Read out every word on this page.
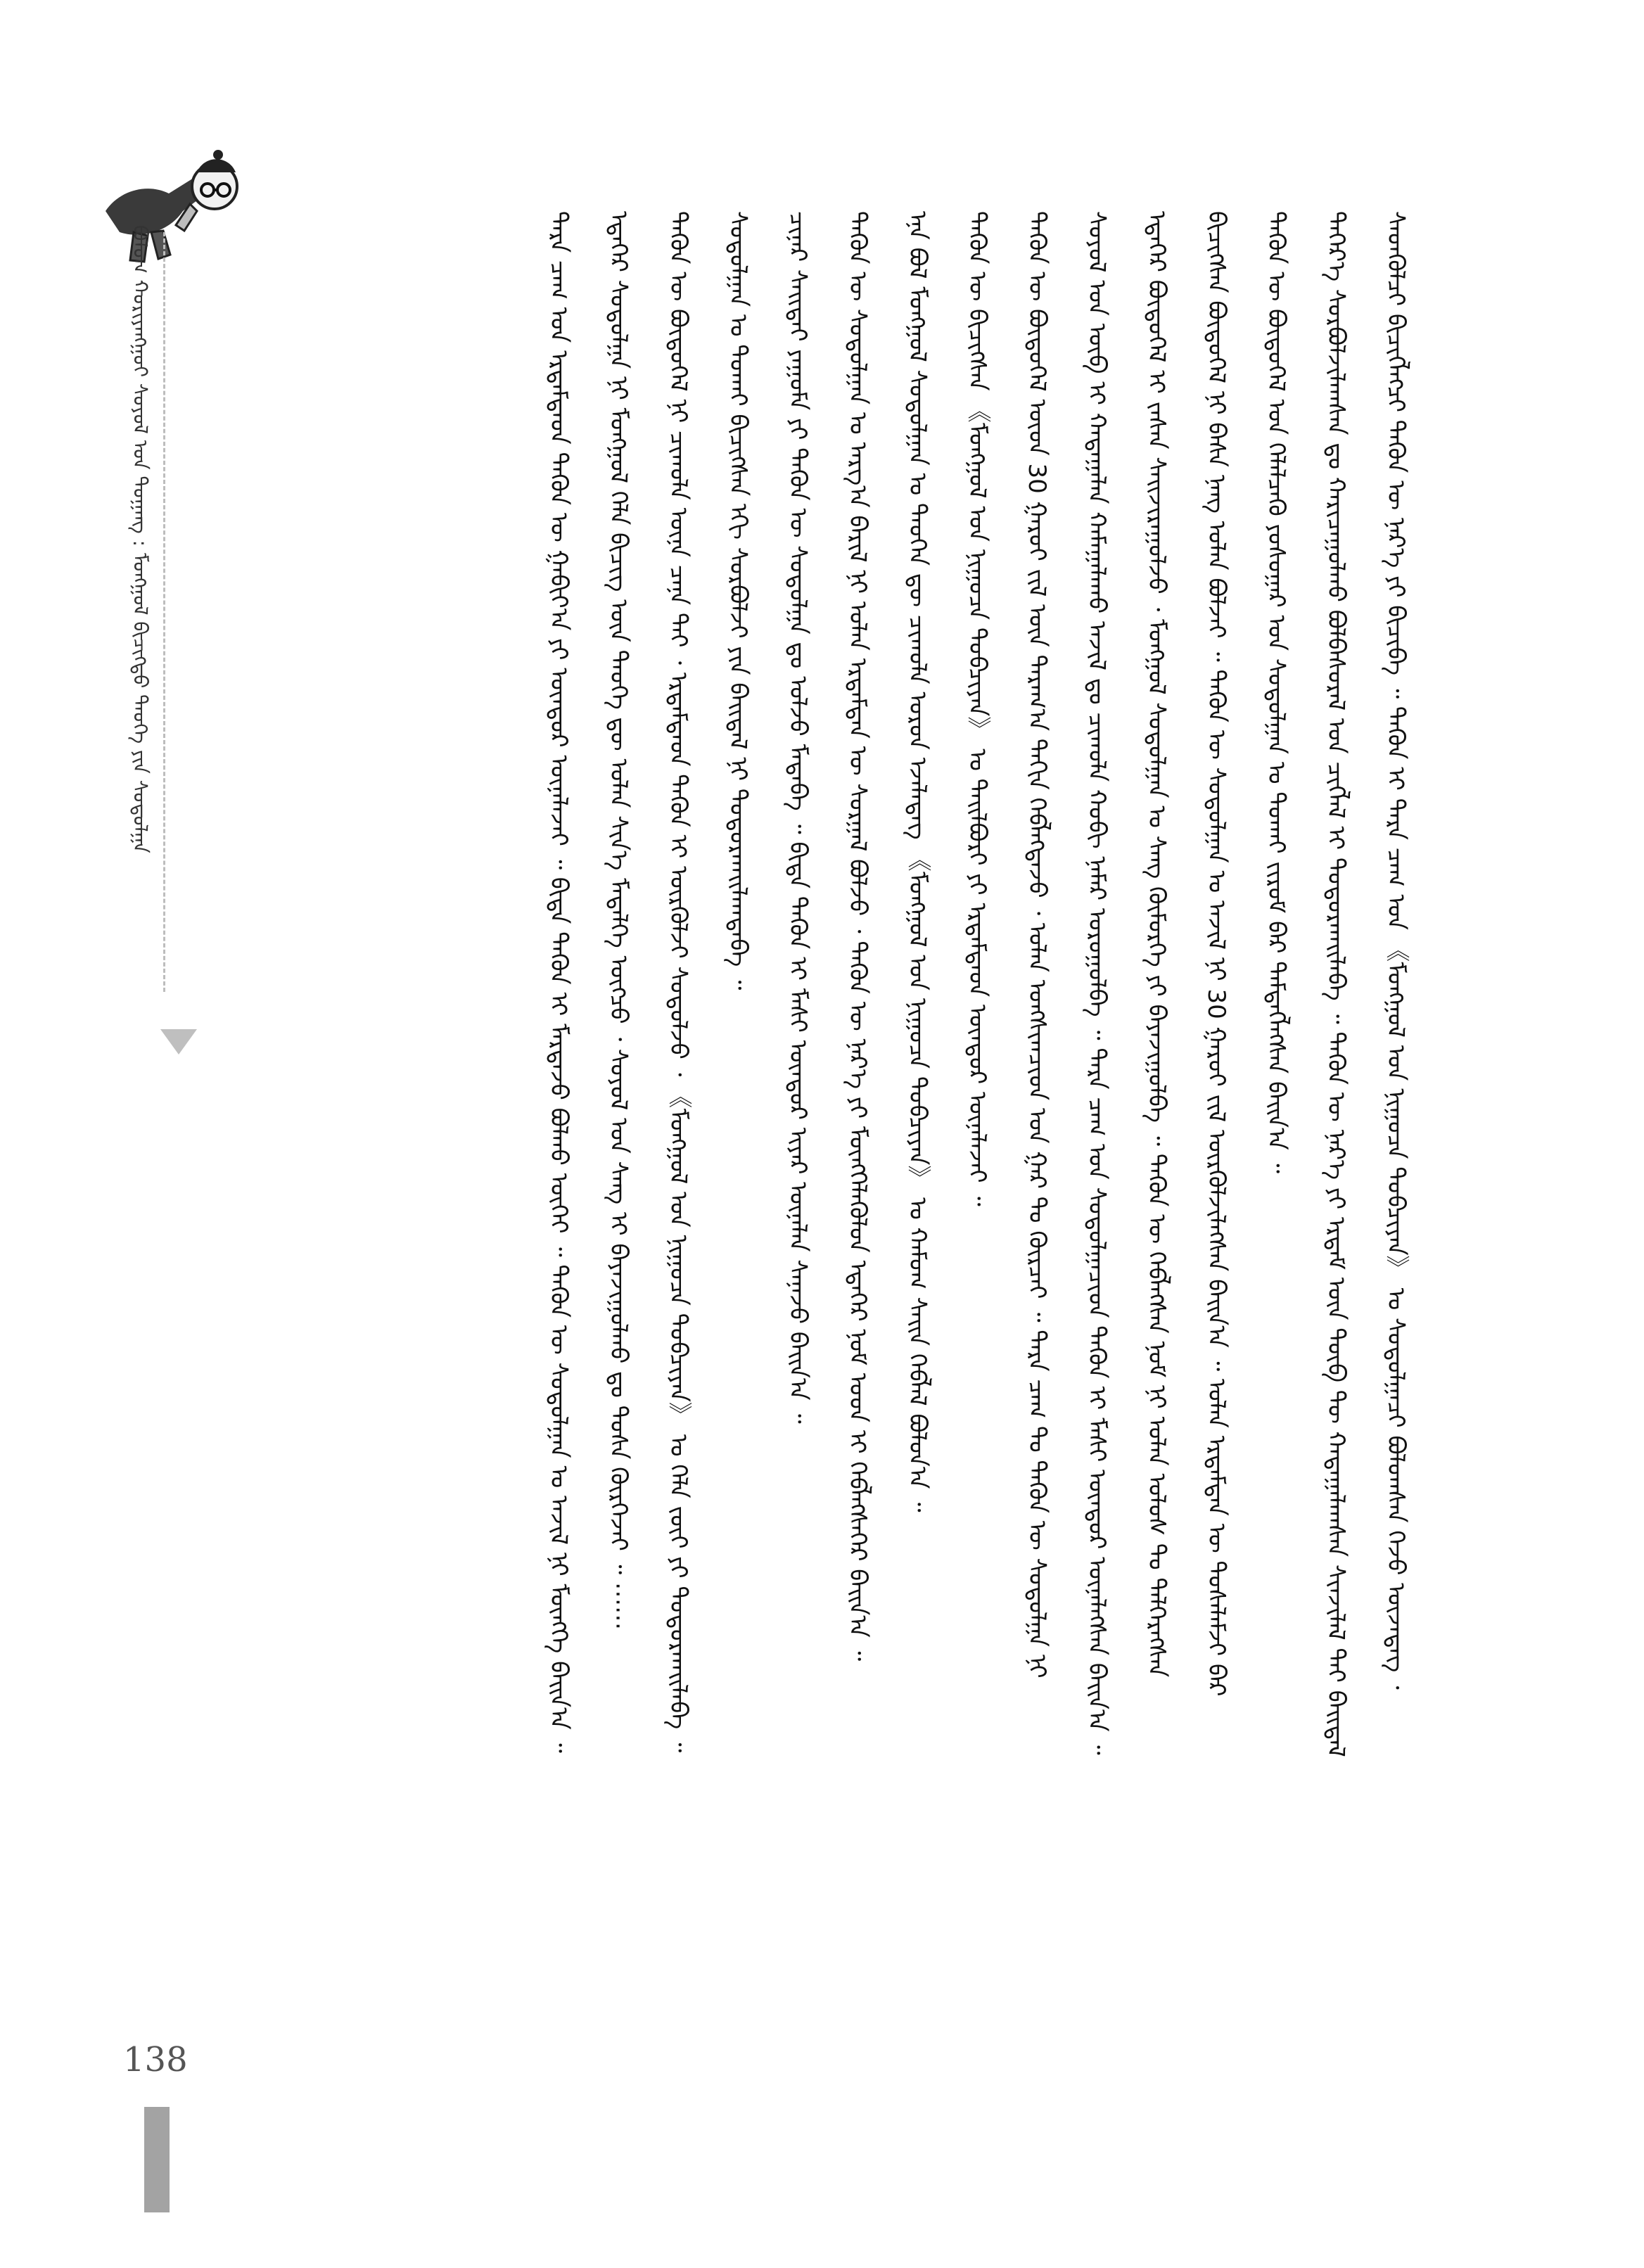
ᠪᠤᠯᠤᠭ ᠬᠤᠷᠢᠶᠠᠩᠭᠤᠢ ᠰᠣᠶᠣᠯ ᠤᠨ ᠲᠤᠭᠠᠩ : ᠮᠣᠩᠭᠣᠯ ᠪᠢᠴᠢᠭᠲᠦ ᠲᠡᠦᠬᠡ ᠶᠢᠨ ᠰᠤᠳᠤᠯᠭᠠ	ᠰᠡᠳᠬᠦᠯᠴᠢ ᠪᠢᠴᠢᠭᠯᠡᠭᠴᠢ ᠲᠡᠭᠦᠨ ᠦ ᠨᠡᠷ᠎ᠡ ᠶᠢ ᠪᠢᠴᠢᠪᠡ ᠃ ᠲᠡᠭᠦᠨ ᠢ ᠲᠡᠷᠡ ᠴᠠᠭ ᠤᠨ 《ᠮᠣᠩᠭᠣᠯ ᠤᠨ ᠨᠢᠭᠤᠴᠠ ᠲᠣᠪᠴᠢᠶᠠᠨ》 ᠤ ᠰᠤᠳᠤᠯᠭᠠᠴᠢ ᠪᠤᠯᠤᠭᠰᠠᠨ ᠭᠡᠵᠦ ᠦᠵᠡᠳᠡᠭ ᠂
ᠳᠡᠭᠡᠷ᠎ᠡ ᠰᠤᠷᠪᠤᠯᠵᠢᠯᠠᠭᠰᠠᠨ ᠳᠤ ᠬᠠᠷᠢᠴᠠᠭᠤᠯᠬᠤ ᠪᠣᠯᠪᠠᠰᠤᠷᠠᠯ ᠤᠨ ᠴᠢᠭᠯᠡᠯ ᠢ ᠲᠣᠳᠤᠷᠬᠠᠢᠯᠠᠪᠠ ᠃ ᠲᠡᠭᠦᠨ ᠦ ᠨᠡᠷ᠎ᠡ ᠶᠢ ᠡᠷᠳᠡᠮ ᠦᠨ ᠲᠦᠪ ᠲᠦ ᠬᠠᠳᠠᠭᠠᠯᠠᠭᠰᠠᠨ ᠰᠢᠨᠵᠢᠯᠡᠯ ᠲᠡᠢ ᠪᠠᠢᠳᠠᠯ
ᠲᠡᠭᠦᠨ ᠦ ᠪᠦᠲᠦᠭᠡᠯ ᠤᠨ ᠬᠡᠯᠡᠯᠴᠡᠬᠦ ᠶᠣᠰᠣᠭᠠᠷ ᠤᠨ ᠰᠤᠳᠤᠯᠭᠠᠨ ᠤ ᠲᠤᠬᠠᠢ ᠵᠢᠷᠤᠮ ᠪᠡᠷ ᠲᠡᠮᠳᠡᠭᠯᠡᠭᠰᠡᠨ ᠪᠠᠢᠨ᠎ᠠ ᠃
ᠪᠢᠴᠢᠭᠰᠡᠨ ᠪᠦᠲᠦᠭᠡᠯ ᠨᠢ ᠪᠠᠰᠠ ᠨᠡᠩ ᠣᠯᠠᠨ ᠪᠣᠯᠵᠠᠢ ᠃ ᠲᠡᠭᠦᠨ ᠦ ᠰᠤᠳᠤᠯᠭᠠᠨ ᠤ ᠠᠵᠢᠯ ᠨᠢ 30 ᠭᠠᠷᠤᠢ ᠵᠢᠯ ᠦᠷᠭᠦᠯᠵᠢᠯᠡᠭᠰᠡᠨ ᠪᠠᠢᠨ᠎ᠠ ᠃ ᠣᠯᠠᠨ ᠡᠷᠳᠡᠮᠲᠡᠨ ᠦ ᠲᠤᠰᠠᠯᠠᠮᠵᠢ ᠪᠡᠷ
ᠡᠳᠡᠭᠡᠷ ᠪᠦᠲᠦᠭᠡᠯ ᠢ ᠵᠠᠰᠠᠨ ᠰᠠᠢᠵᠢᠷᠠᠭᠤᠯᠵᠤ ᠂ ᠮᠣᠩᠭᠣᠯ ᠰᠤᠳᠤᠯᠭᠠᠨ ᠤ ᠰᠠᠩ ᠬᠥᠮᠦᠷᠭᠡ ᠶᠢ ᠪᠠᠶᠠᠵᠢᠭᠤᠯᠪᠠ ᠃ ᠲᠡᠭᠦᠨ ᠦ ᠬᠡᠪᠯᠡᠭᠰᠡᠨ ᠨᠣᠮ ᠨᠢ ᠣᠯᠠᠨ ᠤᠯᠤᠰ ᠲᠤ ᠳᠡᠯᠭᠡᠷᠡᠭᠰᠡᠨ
ᠰᠣᠶᠣᠯ ᠤᠨ ᠥᠪ ᠢ ᠬᠠᠳᠠᠭᠠᠯᠠᠨ ᠬᠠᠮᠠᠭᠠᠯᠠᠬᠤ ᠠᠵᠢᠯ ᠳᠤ ᠴᠢᠬᠤᠯᠠ ᠬᠤᠪᠢ ᠨᠡᠮᠡᠷ ᠣᠷᠤᠭᠤᠯᠪᠠ ᠃ ᠲᠡᠷᠡ ᠴᠠᠭ ᠤᠨ ᠰᠤᠳᠤᠯᠭᠠᠴᠢᠳ ᠲᠡᠭᠦᠨ ᠢ ᠮᠠᠰᠢ ᠥᠨᠳᠥᠷ ᠦᠨᠡᠯᠡᠭᠰᠡᠨ ᠪᠠᠢᠨ᠎ᠠ ᠃
ᠲᠡᠭᠦᠨ ᠦ ᠪᠦᠲᠦᠭᠡᠯ ᠦᠳ 30 ᠭᠠᠷᠤᠢ ᠵᠢᠯ ᠦᠨ ᠳᠠᠷᠠᠭ᠎ᠠ ᠳᠠᠬᠢᠨ ᠬᠡᠪᠯᠡᠭᠳᠡᠵᠦ ᠂ ᠣᠯᠠᠨ ᠤᠩᠰᠢᠭᠴᠢᠳ ᠤᠨ ᠭᠠᠷ ᠲᠤ ᠬᠦᠷᠴᠡᠢ ᠃ ᠲᠡᠷᠡ ᠴᠠᠭ ᠲᠤ ᠲᠡᠭᠦᠨ ᠦ ᠰᠤᠳᠤᠯᠭᠠ ᠨᠢ
ᠲᠡᠭᠦᠨ ᠦ ᠪᠢᠴᠢᠭᠰᠡᠨ 《ᠮᠣᠩᠭᠣᠯ ᠤᠨ ᠨᠢᠭᠤᠴᠠ ᠲᠣᠪᠴᠢᠶᠠᠨ》 ᠤ ᠲᠠᠢᠯᠪᠤᠷᠢ ᠶᠢ ᠡᠷᠳᠡᠮᠲᠡᠳ ᠥᠨᠳᠥᠷ ᠦᠨᠡᠯᠡᠵᠡᠢ ᠃
ᠡᠨᠡ ᠪᠣᠯ ᠮᠣᠩᠭᠣᠯ ᠰᠤᠳᠤᠯᠭᠠᠨ ᠤ ᠲᠡᠦᠬᠡᠨ ᠳᠦ ᠴᠢᠬᠤᠯᠠ ᠣᠷᠣᠨ ᠡᠵᠡᠯᠡᠳᠡᠭ 《ᠮᠣᠩᠭᠣᠯ ᠤᠨ ᠨᠢᠭᠤᠴᠠ ᠲᠣᠪᠴᠢᠶᠠᠨ》 ᠤ ᠬᠠᠮᠤᠭ ᠰᠠᠢᠨ ᠬᠡᠪᠯᠡᠯ ᠪᠣᠯᠤᠨ᠎ᠠ ᠃
ᠲᠡᠭᠦᠨ ᠦ ᠰᠤᠳᠤᠯᠭᠠᠨ ᠤ ᠠᠷᠭ᠎ᠠ ᠪᠠᠷᠢᠯ ᠨᠢ ᠣᠯᠠᠨ ᠡᠷᠳᠡᠮᠲᠡᠨ ᠦ ᠰᠤᠷᠭᠠᠯ ᠪᠣᠯᠵᠤ ᠂ ᠲᠡᠭᠦᠨ ᠦ ᠨᠡᠷ᠎ᠡ ᠶᠢ ᠮᠥᠩᠬᠡᠯᠡᠭᠦᠯᠦᠨ ᠡᠳᠡᠭᠡᠷ ᠨᠣᠮ ᠤᠳ ᠢ ᠬᠡᠪᠯᠡᠭᠰᠡᠭᠡᠷ ᠪᠠᠢᠨ᠎ᠠ ᠃
ᠴᠢᠨᠠᠷ ᠰᠠᠢᠳᠠᠢ ᠶᠠᠭᠤᠮᠠ ᠶᠢ ᠲᠡᠭᠦᠨ ᠦ ᠰᠤᠳᠤᠯᠭᠠ ᠳᠤ ᠣᠯᠵᠤ ᠮᠡᠳᠡᠪᠡ ᠃ ᠪᠢᠳᠡ ᠲᠡᠭᠦᠨ ᠢ ᠮᠠᠰᠢ ᠥᠨᠳᠥᠷ ᠢᠶᠡᠷ ᠦᠨᠡᠯᠡᠨ ᠰᠠᠨᠠᠵᠤ ᠪᠠᠢᠨ᠎ᠠ ᠃
ᠰᠤᠳᠤᠯᠭᠠᠨ ᠤ ᠲᠤᠬᠠᠢ ᠪᠢᠴᠢᠭᠰᠡᠨ ᠡᠬᠢ ᠰᠤᠷᠪᠤᠯᠵᠢ ᠶᠢᠨ ᠪᠠᠢᠳᠠᠯ ᠨᠢ ᠲᠣᠳᠤᠷᠬᠠᠢᠯᠠᠭᠳᠠᠪᠠ ᠃
ᠲᠡᠭᠦᠨ ᠦ ᠪᠦᠲᠦᠭᠡᠯ ᠨᠢ ᠴᠢᠬᠤᠯᠠ ᠦᠨᠡ ᠴᠡᠨᠡ ᠲᠠᠢ ᠂ ᠡᠷᠳᠡᠮᠲᠡᠳ ᠲᠡᠭᠦᠨ ᠢ ᠦᠷᠭᠦᠯᠵᠢ ᠰᠤᠳᠤᠯᠵᠤ ᠂ 《ᠮᠣᠩᠭᠣᠯ ᠤᠨ ᠨᠢᠭᠤᠴᠠ ᠲᠣᠪᠴᠢᠶᠠᠨ》 ᠤ ᠬᠡᠯᠡ ᠵᠦᠢ ᠶᠢ ᠲᠣᠳᠤᠷᠬᠠᠢᠯᠠᠪᠠ ᠃
ᠡᠳᠡᠭᠡᠷ ᠰᠤᠳᠤᠯᠭᠠ ᠨᠢ ᠮᠣᠩᠭᠣᠯ ᠬᠡᠯᠡ ᠪᠢᠴᠢᠭ ᠦᠨ ᠲᠡᠦᠬᠡ ᠳᠦ ᠣᠯᠠᠨ ᠰᠢᠨ᠎ᠡ ᠮᠡᠳᠡᠯᠭᠡ ᠥᠭᠴᠦ ᠂ ᠰᠣᠶᠣᠯ ᠤᠨ ᠰᠠᠩ ᠢ ᠪᠠᠶᠠᠵᠢᠭᠤᠯᠬᠤ ᠳᠤ ᠲᠤᠰᠠ ᠬᠦᠷᠭᠡᠵᠡᠢ ᠃ ⋯⋯
ᠲᠡᠷᠡ ᠴᠠᠭ ᠤᠨ ᠡᠷᠳᠡᠮᠲᠡᠳ ᠲᠡᠭᠦᠨ ᠦ ᠭᠠᠪᠢᠶ᠎ᠠ ᠶᠢ ᠥᠨᠳᠥᠷ ᠦᠨᠡᠯᠡᠵᠡᠢ ᠃ ᠪᠢᠳᠡ ᠲᠡᠭᠦᠨ ᠢ ᠮᠠᠷᠳᠠᠵᠤ ᠪᠣᠯᠬᠤ ᠦᠭᠡᠢ ᠃ ᠲᠡᠭᠦᠨ ᠦ ᠰᠤᠳᠤᠯᠭᠠᠨ ᠤ ᠠᠵᠢᠯ ᠨᠢ ᠮᠥᠩᠬᠡ ᠪᠠᠢᠨ᠎ᠠ ᠃
138
